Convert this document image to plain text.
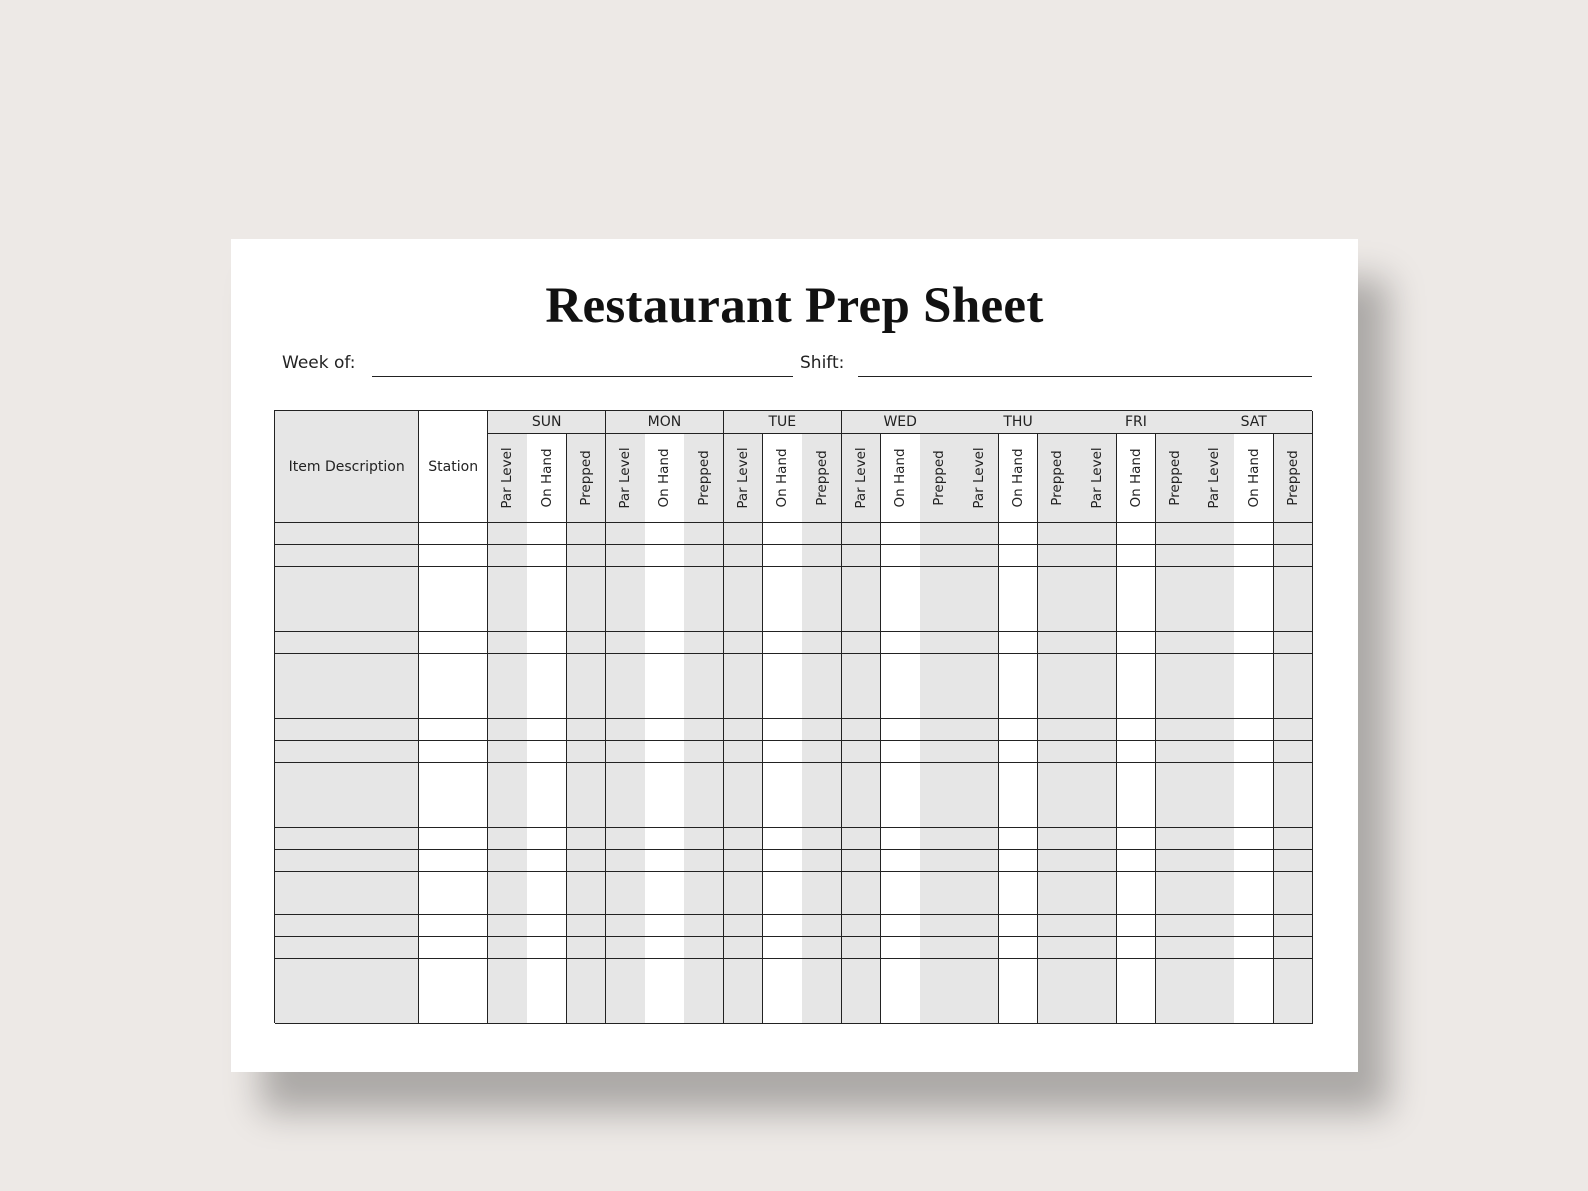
Restaurant Prep Sheet
Week of:	Shift:
Item Description	Station
SUN
Par Level On Hand Prepped
MON
Par Level On Hand Prepped
TUE
Par Level On Hand Prepped
WED
Par Level On Hand Prepped
THU
Par Level On Hand Prepped
FRI
Par Level On Hand Prepped
SAT
Par Level On Hand Prepped
